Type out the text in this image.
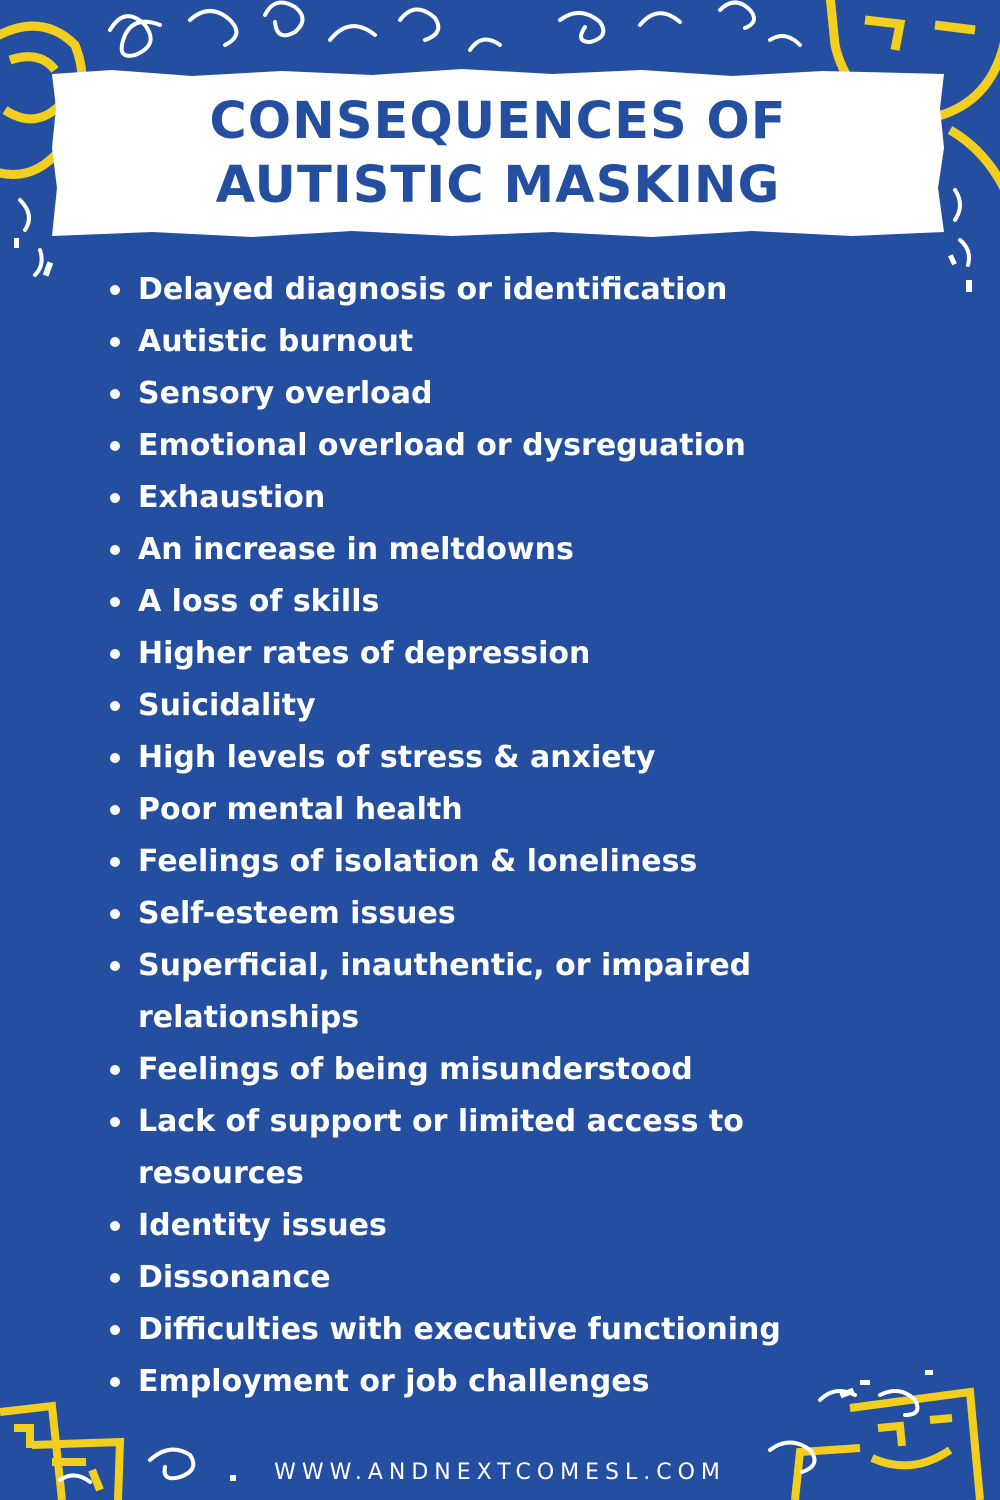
CONSEQUENCES OF
AUTISTIC MASKING
Delayed diagnosis or identification
Autistic burnout
Sensory overload
Emotional overload or dysreguation
Exhaustion
An increase in meltdowns
A loss of skills
Higher rates of depression
Suicidality
High levels of stress & anxiety
Poor mental health
Feelings of isolation & loneliness
Self-esteem issues
Superficial, inauthentic, or impaired relationships
Feelings of being misunderstood
Lack of support or limited access to resources
Identity issues
Dissonance
Difficulties with executive functioning
Employment or job challenges
WWW.ANDNEXTCOMESL.COM
